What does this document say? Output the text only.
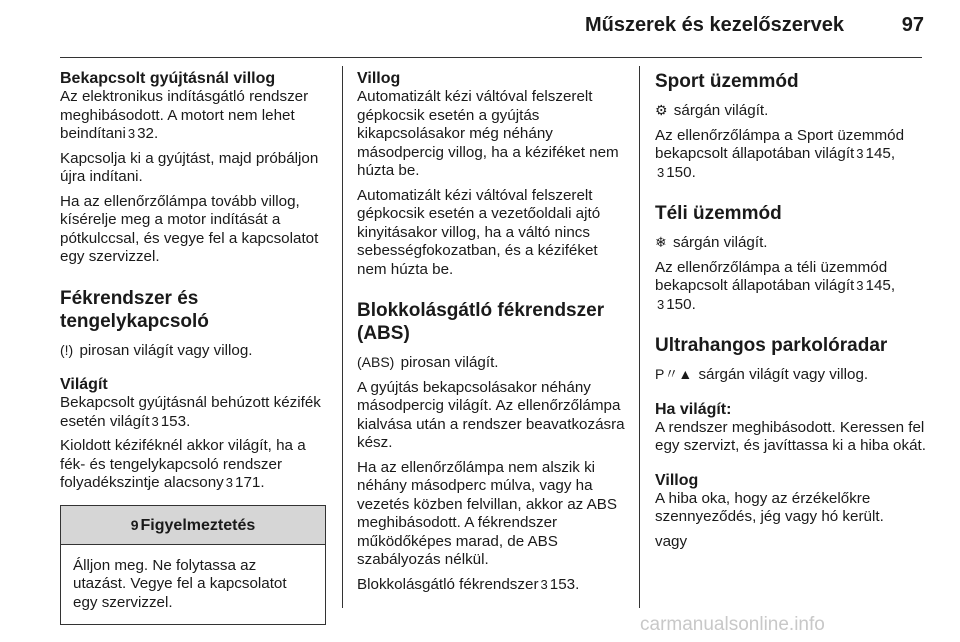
Műszerek és kezelőszervek	97
Bekapcsolt gyújtásnál villog

Az elektronikus indításgátló rendszer meghibásodott. A motort nem lehet beindítani 3 32.

Kapcsolja ki a gyújtást, majd próbáljon újra indítani.

Ha az ellenőrzőlámpa tovább villog, kísérelje meg a motor indítását a pótkulccsal, és vegye fel a kapcsolatot egy szervizzel.

Fékrendszer és
tengelykapcsoló

(!) pirosan világít vagy villog.

Világít

Bekapcsolt gyújtásnál behúzott kézifék esetén világít 3 153.

Kioldott kéziféknél akkor világít, ha a fék- és tengelykapcsoló rendszer folyadékszintje alacsony 3 171.

9 Figyelmeztetés
Álljon meg. Ne folytassa az utazást. Vegye fel a kapcsolatot egy szervizzel.
Villog

Automatizált kézi váltóval felszerelt gépkocsik esetén a gyújtás kikapcsolásakor még néhány másodpercig villog, ha a kéziféket nem húzta be.

Automatizált kézi váltóval felszerelt gépkocsik esetén a vezetőoldali ajtó kinyitásakor villog, ha a váltó nincs sebességfokozatban, és a kéziféket nem húzta be.

Blokkolásgátló fékrendszer
(ABS)

(ABS) pirosan világít.

A gyújtás bekapcsolásakor néhány másodpercig világít. Az ellenőrzőlámpa kialvása után a rendszer beavatkozásra kész.

Ha az ellenőrzőlámpa nem alszik ki néhány másodperc múlva, vagy ha vezetés közben felvillan, akkor az ABS meghibásodott. A fékrendszer működőképes marad, de ABS szabályozás nélkül.

Blokkolásgátló fékrendszer 3 153.

Sport üzemmód

⚙ sárgán világít.

Az ellenőrzőlámpa a Sport üzemmód bekapcsolt állapotában világít 3 145, 3 150.

Téli üzemmód

❄ sárgán világít.

Az ellenőrzőlámpa a téli üzemmód bekapcsolt állapotában világít 3 145, 3 150.

Ultrahangos parkolóradar

P〃▲ sárgán világít vagy villog.

Ha világít:

A rendszer meghibásodott. Keressen fel egy szervizt, és javíttassa ki a hiba okát.

Villog

A hiba oka, hogy az érzékelőkre szennyeződés, jég vagy hó került.

vagy

carmanualsonline.info
